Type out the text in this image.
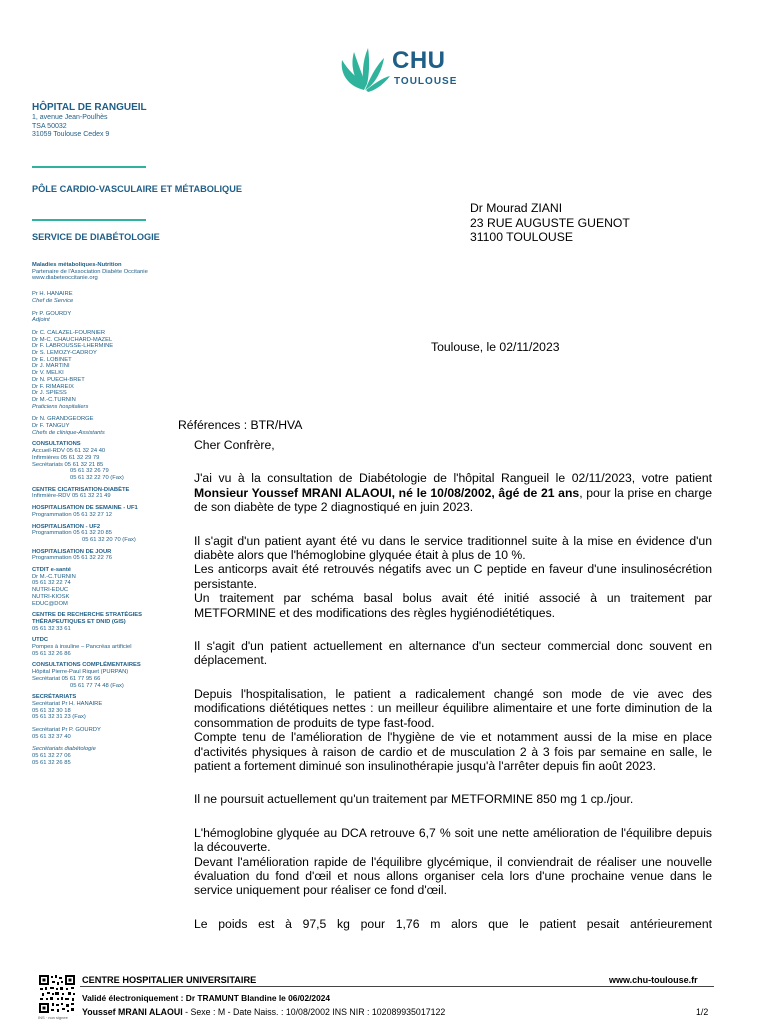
CHU
TOULOUSE
HÔPITAL DE RANGUEIL
1, avenue Jean-Poulhès
TSA 50032
31059 Toulouse Cedex 9
PÔLE CARDIO-VASCULAIRE ET MÉTABOLIQUE
SERVICE DE DIABÉTOLOGIE
Maladies métaboliques-Nutrition
Partenaire de l'Association Diabète Occitanie
www.diabeteoccitanie.org
Pr H. HANAIRE
Chef de Service
Pr P. GOURDY
Adjoint
Dr C. CALAZEL-FOURNIER
Dr M-C. CHAUCHARD-MAZEL
Dr F. LABROUSSE-LHERMINE
Dr S. LEMOZY-CADROY
Dr E. LOBINET
Dr J. MARTINI
Dr V. MELKI
Dr N. PUECH-BRET
Dr F. RIMAREIX
Dr J. SPIESS
Dr M.-C.TURNIN
Praticiens hospitaliers
Dr N. GRANDGEORGE
Dr F. TANGUY
Chefs de clinique-Assistants
CONSULTATIONS
Accueil-RDV 05 61 32 24 40
Infirmières 05 61 32 29 79
Secrétariats 05 61 32 21 85
05 61 32 26 79
05 61 32 22 70 (Fax)
CENTRE CICATRISATION-DIABÈTE
Infirmière-RDV 05 61 32 21 49
HOSPITALISATION DE SEMAINE - UF1
Programmation 05 61 32 27 12
HOSPITALISATION - UF2
Programmation 05 61 32 20 85
05 61 32 20 70 (Fax)
HOSPITALISATION DE JOUR
Programmation 05 61 32 22 76
CTDIT e-santé
Dr M.-C.TURNIN
05 61 32 22 74
NUTRI-EDUC
NUTRI-KIOSK
EDUC@DOM
CENTRE DE RECHERCHE STRATÉGIES THÉRAPEUTIQUES ET DNID (GIS)
05 61 32 33 61
UTDC
Pompes à insuline – Pancréas artificiel
05 61 32 26 86
CONSULTATIONS COMPLÉMENTAIRES
Hôpital Pierre-Paul Riquet (PURPAN)
Secrétariat 05 61 77 95 66
05 61 77 74 48 (Fax)
SECRÉTARIATS
Secrétariat Pr H. HANAIRE
05 61 32 30 18
05 61 32 31 23 (Fax)
Secrétariat Pr P. GOURDY
05 61 32 37 40
Secrétariats diabétologie
05 61 32 27 06
05 61 32 26 85
Dr Mourad ZIANI
23 RUE AUGUSTE GUENOT
31100 TOULOUSE
Toulouse, le 02/11/2023
Références : BTR/HVA

Cher Confrère,

J'ai vu à la consultation de Diabétologie de l'hôpital Rangueil le 02/11/2023, votre patient Monsieur Youssef MRANI ALAOUI, né le 10/08/2002, âgé de 21 ans, pour la prise en charge de son diabète de type 2 diagnostiqué en juin 2023.

Il s'agit d'un patient ayant été vu dans le service traditionnel suite à la mise en évidence d'un diabète alors que l'hémoglobine glyquée était à plus de 10 %.

Les anticorps avait été retrouvés négatifs avec un C peptide en faveur d'une insulinosécrétion persistante.

Un traitement par schéma basal bolus avait été initié associé à un traitement par METFORMINE et des modifications des règles hygiénodiététiques.

Il s'agit d'un patient actuellement en alternance d'un secteur commercial donc souvent en déplacement.

Depuis l'hospitalisation, le patient a radicalement changé son mode de vie avec des modifications diététiques nettes : un meilleur équilibre alimentaire et une forte diminution de la consommation de produits de type fast-food.

Compte tenu de l'amélioration de l'hygiène de vie et notamment aussi de la mise en place d'activités physiques à raison de cardio et de musculation 2 à 3 fois par semaine en salle, le patient a fortement diminué son insulinothérapie jusqu'à l'arrêter depuis fin août 2023.

Il ne poursuit actuellement qu'un traitement par METFORMINE 850 mg 1 cp./jour.

L'hémoglobine glyquée au DCA retrouve 6,7 % soit une nette amélioration de l'équilibre depuis la découverte.

Devant l'amélioration rapide de l'équilibre glycémique, il conviendrait de réaliser une nouvelle évaluation du fond d'œil et nous allons organiser cela lors d'une prochaine venue dans le service uniquement pour réaliser ce fond d'œil.

Le poids est à 97,5 kg pour 1,76 m alors que le patient pesait antérieurement

INS · non signee
CENTRE HOSPITALIER UNIVERSITAIRE	www.chu-toulouse.fr
Validé électroniquement : Dr TRAMUNT Blandine le 06/02/2024
Youssef MRANI ALAOUI - Sexe : M - Date Naiss. : 10/08/2002 INS NIR : 102089935017122	1/2
